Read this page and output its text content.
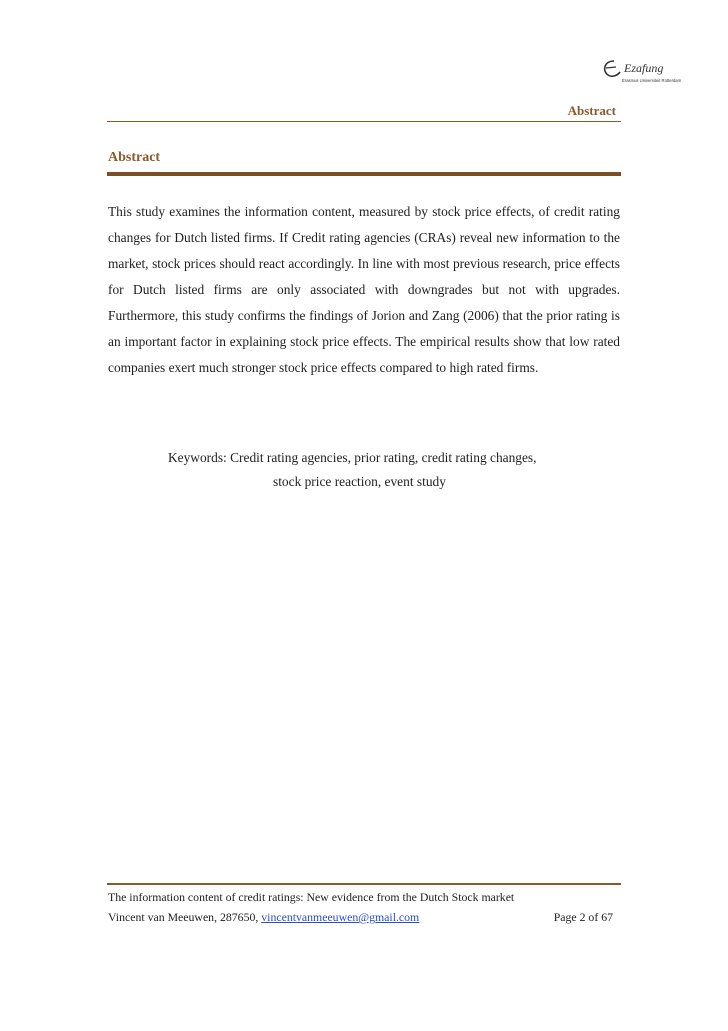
Ezafung
Erasmus Universiteit Rotterdam
Abstract
Abstract
This study examines the information content, measured by stock price effects, of credit rating changes for Dutch listed firms. If Credit rating agencies (CRAs) reveal new information to the market, stock prices should react accordingly. In line with most previous research, price effects for Dutch listed firms are only associated with downgrades but not with upgrades. Furthermore, this study confirms the findings of Jorion and Zang (2006) that the prior rating is an important factor in explaining stock price effects. The empirical results show that low rated companies exert much stronger stock price effects compared to high rated firms.
Keywords: Credit rating agencies, prior rating, credit rating changes,
stock price reaction, event study
The information content of credit ratings: New evidence from the Dutch Stock market
Vincent van Meeuwen, 287650, vincentvanmeeuwen@gmail.com	Page 2 of 67
